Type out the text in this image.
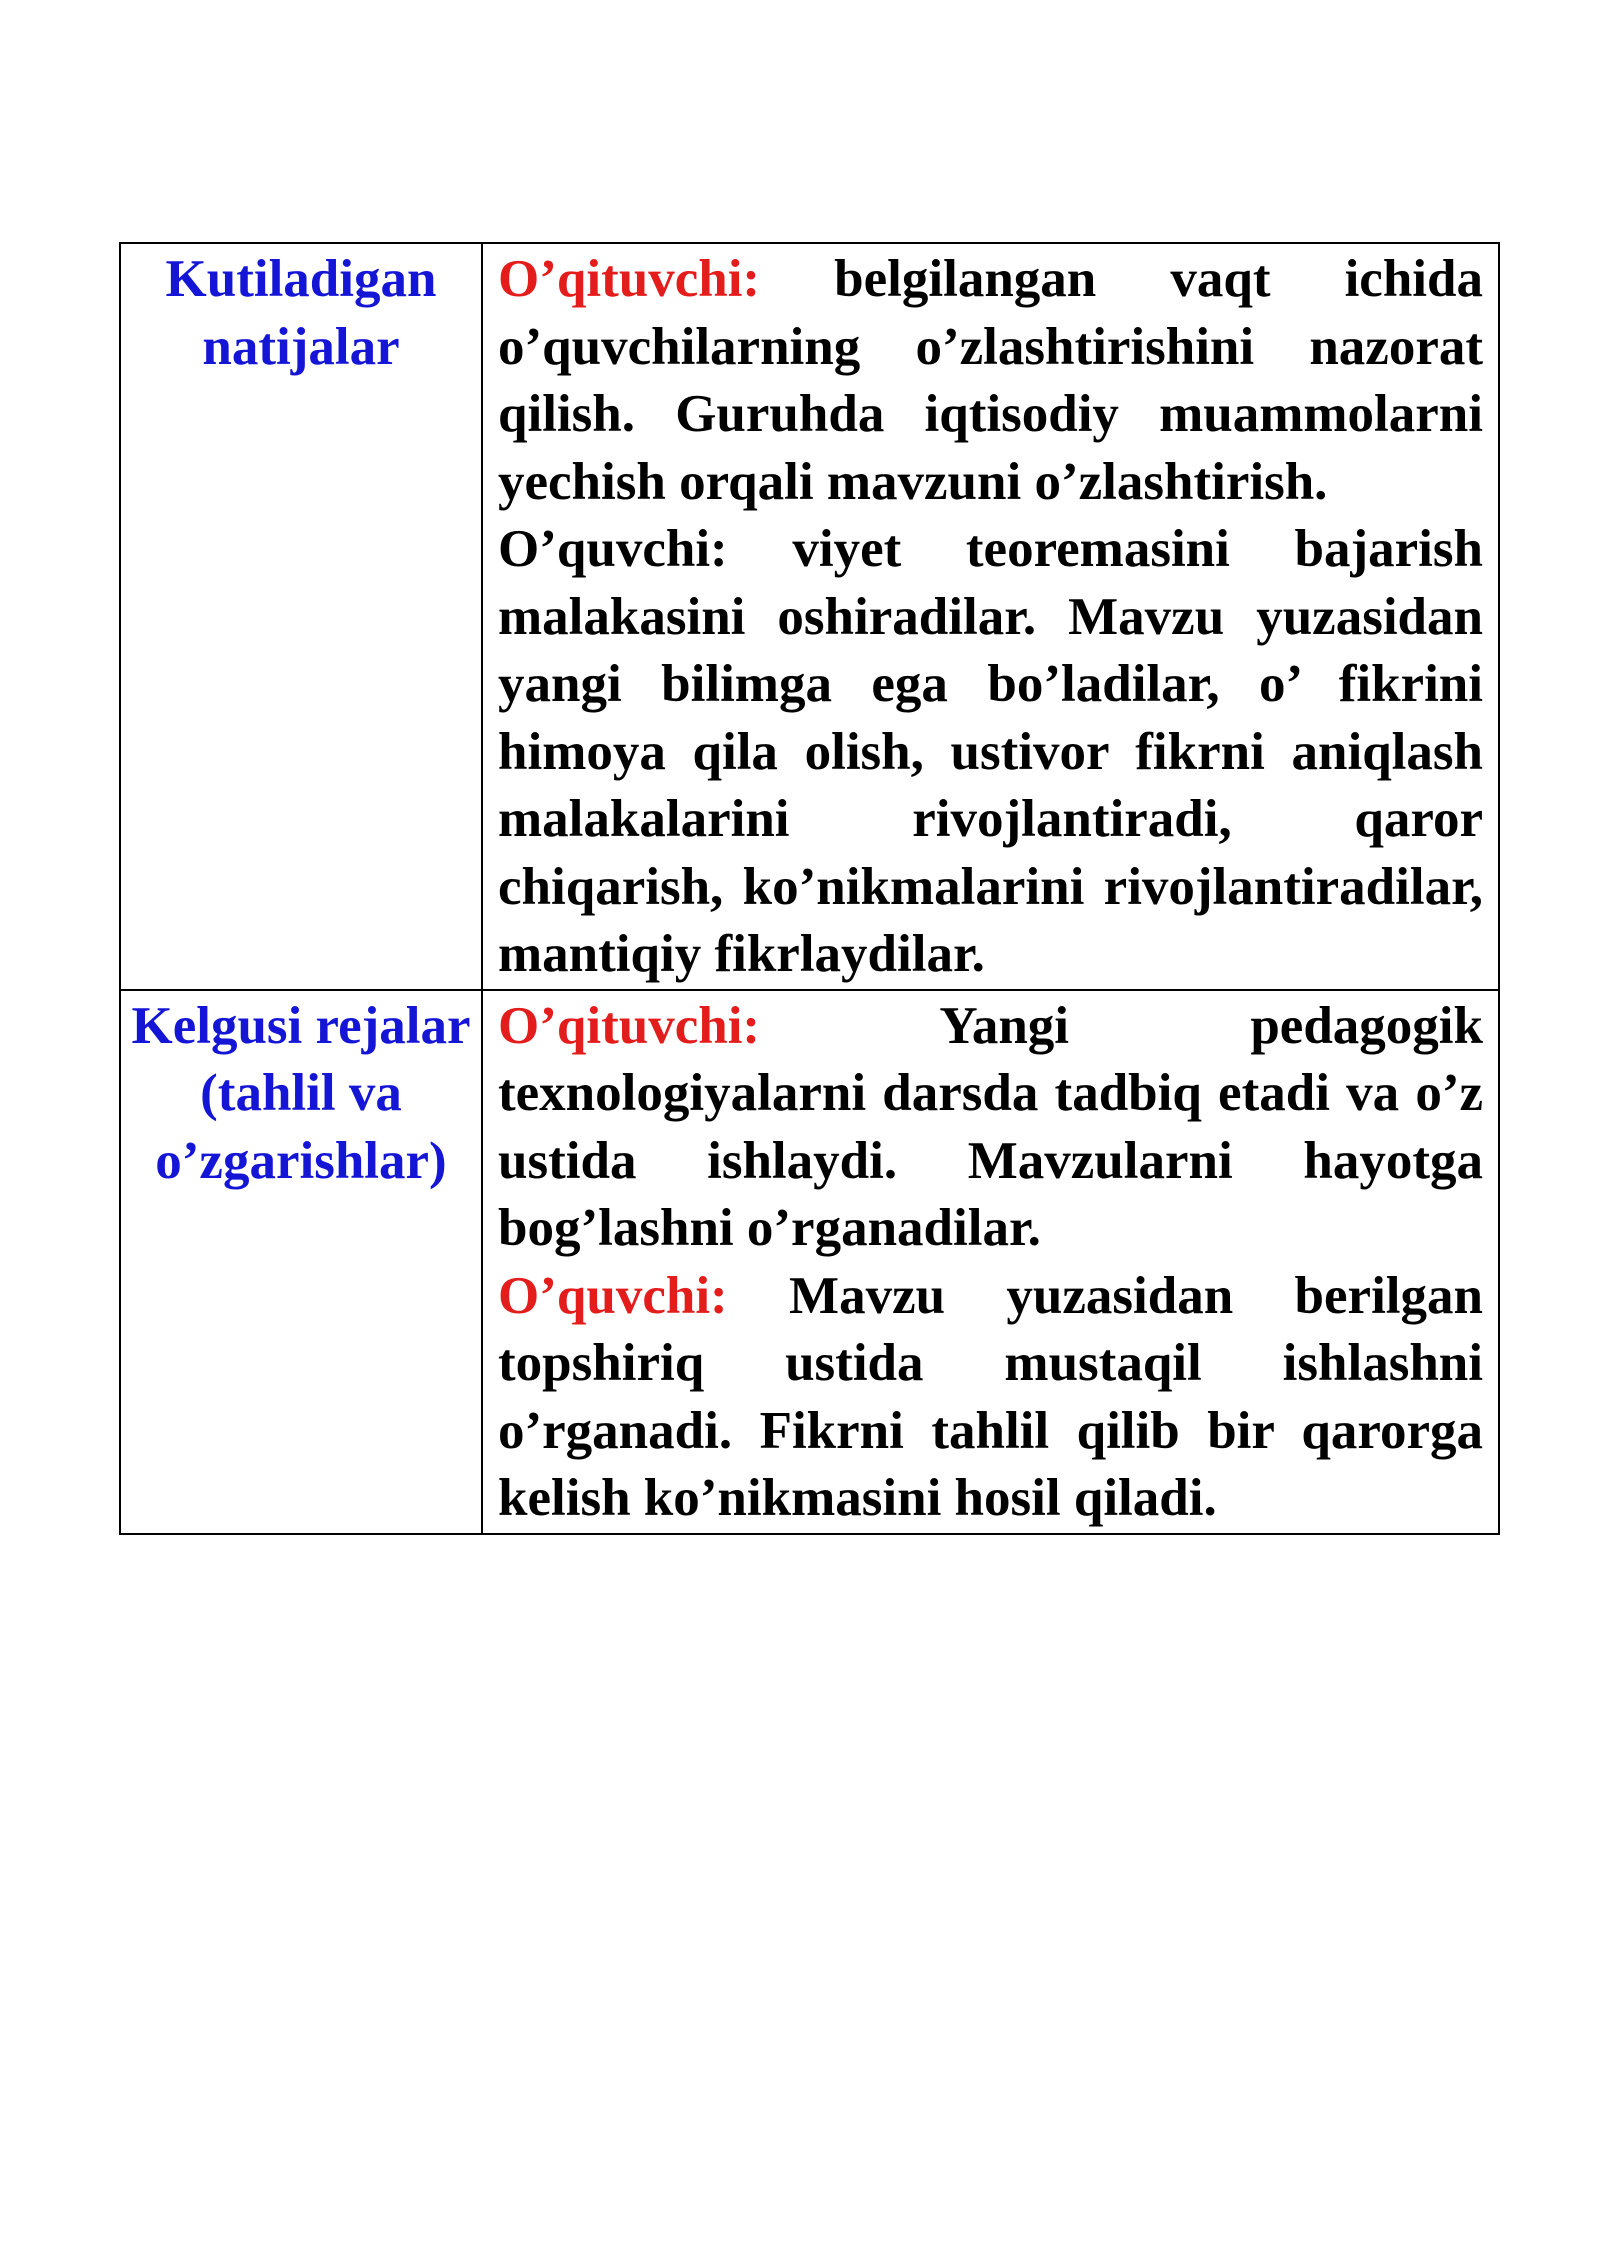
Kutiladigan natijalar	O’qituvchi: belgilangan vaqt ichida o’quvchilarning o’zlashtirishini nazorat qilish. Guruhda iqtisodiy muammolarni yechish orqali mavzuni o’zlashtirish.

O’quvchi: viyet teoremasini bajarish malakasini oshiradilar. Mavzu yuzasidan yangi bilimga ega bo’ladilar, o’ fikrini himoya qila olish, ustivor fikrni aniqlash malakalarini rivojlantiradi, qaror chiqarish, ko’nikmalarini rivojlantiradilar, mantiqiy fikrlaydilar.

Kelgusi rejalar (tahlil va o’zgarishlar)	O’qituvchi: Yangi pedagogik texnologiyalarni darsda tadbiq etadi va o’z ustida ishlaydi. Mavzularni hayotga bog’lashni o’rganadilar.

O’quvchi: Mavzu yuzasidan berilgan topshiriq ustida mustaqil ishlashni o’rganadi. Fikrni tahlil qilib bir qarorga kelish ko’nikmasini hosil qiladi.
